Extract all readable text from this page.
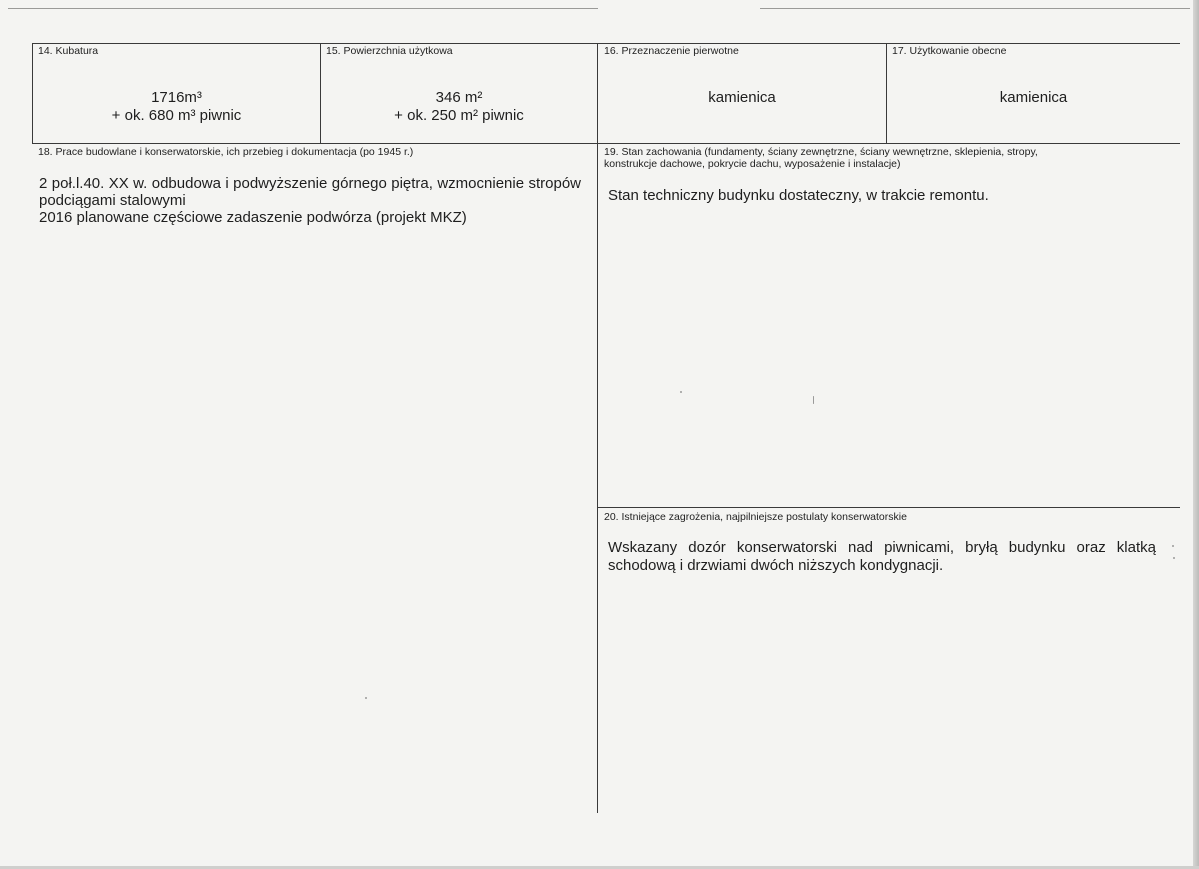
14. Kubatura
1716m³
+ ok. 680 m³ piwnic
15. Powierzchnia użytkowa
346 m²
+ ok. 250 m² piwnic
16. Przeznaczenie pierwotne
kamienica
17. Użytkowanie obecne
kamienica
18. Prace budowlane i konserwatorskie, ich przebieg i dokumentacja (po 1945 r.)
2 poł.l.40. XX w. odbudowa i podwyższenie górnego piętra, wzmocnienie stropów podciągami stalowymi
2016 planowane częściowe zadaszenie podwórza (projekt MKZ)
19. Stan zachowania (fundamenty, ściany zewnętrzne, ściany wewnętrzne, sklepienia, stropy,
konstrukcje dachowe, pokrycie dachu, wyposażenie i instalacje)
Stan techniczny budynku dostateczny, w trakcie remontu.
20. Istniejące zagrożenia, najpilniejsze postulaty konserwatorskie
Wskazany dozór konserwatorski nad piwnicami, bryłą budynku oraz klatką schodową i drzwiami dwóch niższych kondygnacji.
